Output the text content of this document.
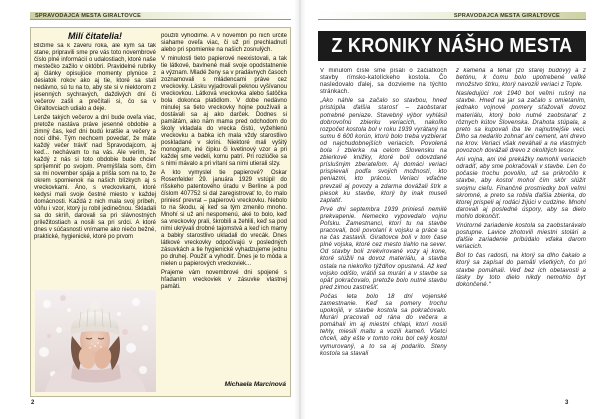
SPRAVODAJCA MESTA GIRALTOVCE
Milí čitatelia!

Blížime sa k záveru roka, ale kým sa tak stane, pripravili sme pre vás toto novembrové číslo plné informácií o udalostiach, ktoré naše mestečko zažilo v októbri. Pravidelné rubriky aj články opisujúce momenty plynúce z desiatok rokov ako aj tie, ktoré sa stali nedávno, sú tu na to, aby ste si v niektorom z jesenných sychravých, daždivých dní či večerov zašli a prečítali si, čo sa v Giraltovciach udialo a deje.

Lenže takých večerov a dní bude oveľa viac, pretože nastáva práve jesenné obdobie a zimný čas, keď dni budú kratšie a večery a noci dlhé. Tým nechcem povedať, že máte každý večer tráviť nad Spravodajcom, aj keď... nechávam to na vás. Ale verím, že každý z nás si toto obdobie bude chcieť spríjemniť po svojom. Premýšľala som, čím sa mi november spája a prišla som na to, že okrem spomienok na našich blízkych aj s vreckovkami. Áno, s vreckovkami, ktoré kedysi mali svoje čestné miesto v každej domácnosti. Každá z nich mala svoj príbeh, vôňu i vzor, ktorý ju robil jedinečnou. Skladali sa do skríň, darovali sa pri slávnostných príležitostiach a nosili sa pri srdci. A ktoré dnes v súčasnosti vnímame ako niečo bežné, praktické, hygienické, ktoré po prvom

použití vyhodíme. A v novembri po nich určite siahame oveľa viac, či už pri prechladnutí alebo pri spomienke na našich zosnulých.

V minulosti tieto papierové neexistovali, a tak tie látkové, bavlnené mali svoje opodstatnenie a význam. Mladé ženy sa v pradávnych časoch zoznamovali s mládencami práve cez vreckovky. Lásku vyjadrovali peknou vyšívanou vreckovkou. Látková vreckovka alebo šatôčka bola dokonca platidlom. V dobe nedávno minulej sa tieto vreckovky hojne používali a dostávali sa aj ako darček. Dodnes si pamätám, ako nám mama pred odchodom do školy vkladala do vrecka čistú, vyžehlenú vreckovku a babka ich mala vždy starostlivo poskladané v skrini. Niektoré mali vyšitý monogram, iné čipku či kvetinový vzor a pri každej sme vedeli, komu patrí. Pri rozlúčke sa s nimi mávalo a pri vítaní sa nimi utierali slzy.

A kto vymyslel tie papierové? Oskar Rosenfelder 29. januára 1929 vstúpil do ríšskeho patentového úradu v Berlíne a pod číslom 407752 si dal zaregistrovať to, čo malo priniesť prevrat – papierovú vreckovku. Nebolo to na škodu, aj keď sa tým zmenilo mnoho. Mnohí si už ani nespomenú, aké to bolo, keď sa vreckovky prali, škrobili a žehlili, keď sa pod nimi ukrývali drobné tajomstvá a keď ich mamy a babky starostlivo ukladali do vrecák. Dnes látkové vreckovky odpočívajú v posledných zásuvkách a tie hygienické vyhadzujeme jednu po druhej. Použiť a vyhodiť. Dnes je to móda a nielen u papierových vreckoviek...

Prajeme vám novembrové dni spojené s hľadaním vreckoviek v zásuvke vlastnej pamäti.

Michaela Marcinová
2
SPRAVODAJCA MESTA GIRALTOVCE
Z KRONIKY NÁŠHO MESTA

V minulom čísle sme písali o začiatkoch stavby rímsko-katolíckeho kostola. Čo nasledovalo ďalej, sa dozvieme na týchto stránkach.

„Ako náhle sa začalo so stavbou, hneď pristúpila ďalšia starosť – zaobstarať potrebné peniaze. Stavebný výbor vyhlásil dobrovoľnú zbierku veriacich, nakoľko rozpočet kostola bol v roku 1939 vyrátaný na sumu 6 600 korún, ktorú bolo treba vyzbierať od najchudobnejších veriacich. Povolená bola i zbierka na celom Slovensku na zbierkové knižky, ktoré boli odovzdané príslušným zberateľom. Aj domáci veriaci prispievali podľa svojich možností, kto peniazmi, kto prácou. Veriaci vďačne prevzali aj povozy a zdarma dovážali štrk a piesok ku stavbe, ktorý by inak museli zaplatiť.

Prvé dni septembra 1939 priniesli nemilé prekvapenie. Nemecko vypovedalo vojnu Poľsku. Zamestnanci, ktorí tu na stavbe pracovali, boli povolaní k vojsku a práce sa na čas zastavili. Giraltovce boli v tom čase plné vojska, ktoré cez mesto tiahlo na sever. Od stavby boli zrekvirované vozy aj kone, ktoré slúžili na dovoz materiálu, a stavba ostala na niekoľko týždňov opustená. Až keď vojsko odišlo, vrátili sa murári a v stavbe sa opäť pokračovalo, pretože bolo nutné stavbu pred zimou zastrešiť.

Počas leta bolo 18 dní vojenské zamestnanie. Keď sa pomery trochu upokojili, v stavbe kostola sa pokračovalo. Murári pracovali od rána do večera a pomáhali im aj miestni chlapi, ktorí nosili tehly, miesili maltu a vozili kameň. Všetci chceli, aby ešte v tomto roku bol celý kostol vymurovaný, a to sa aj podarilo. Steny kostola sa stavali

z kameňa a tehál (zo starej budovy) a z betónu, k čomu bolo upotrebené veľké množstvo štrku, ktorý navozili veriaci z Tople.

Nasledujúci rok 1940 bol veľmi rušný na stavbe. Hneď na jar sa začalo s omietaním, jednako vojnové pomery sťažovali dovoz materiálu, ktorý bolo nutné zaobstarať z rôznych kútov Slovenska. Drahota stúpala, a preto sa kupovali iba tie najnutnejšie veci. Dlho sa nedarilo zohnať ani cement, ani drevo na krov. Veriaci však neváhali a na vlastných povozoch dovážali drevo z okolitých lesov.

Ani vojna, ani iné prekážky nemohli veriacich odradiť, aby sme pokračovali v stavbe. Len čo počasie trochu povolilo, už sa prikročilo k stavbe, aby kostol mohol čím skôr slúžiť svojmu cieľu. Finančné prostriedky boli veľmi skromné, a preto sa robila ďalšia zbierka, do ktorej prispeli aj rodáci žijúci v cudzine. Mnohí darovali aj posledné úspory, aby sa dielo mohlo dokončiť.

Vnútorné zariadenie kostola sa zaobstarávalo postupne. Lavice zhotovili miestni stolári a ďalšie zariadenie pribúdalo vďaka darom veriacich.

Bol to čas radosti, na ktorý sa dlho čakalo a ktorý sa zapísal do pamäti všetkých, čo pri stavbe pomáhali. Veď bez ich obetavosti a lásky by toto dielo nikdy nemohlo byť dokončené.“

3
